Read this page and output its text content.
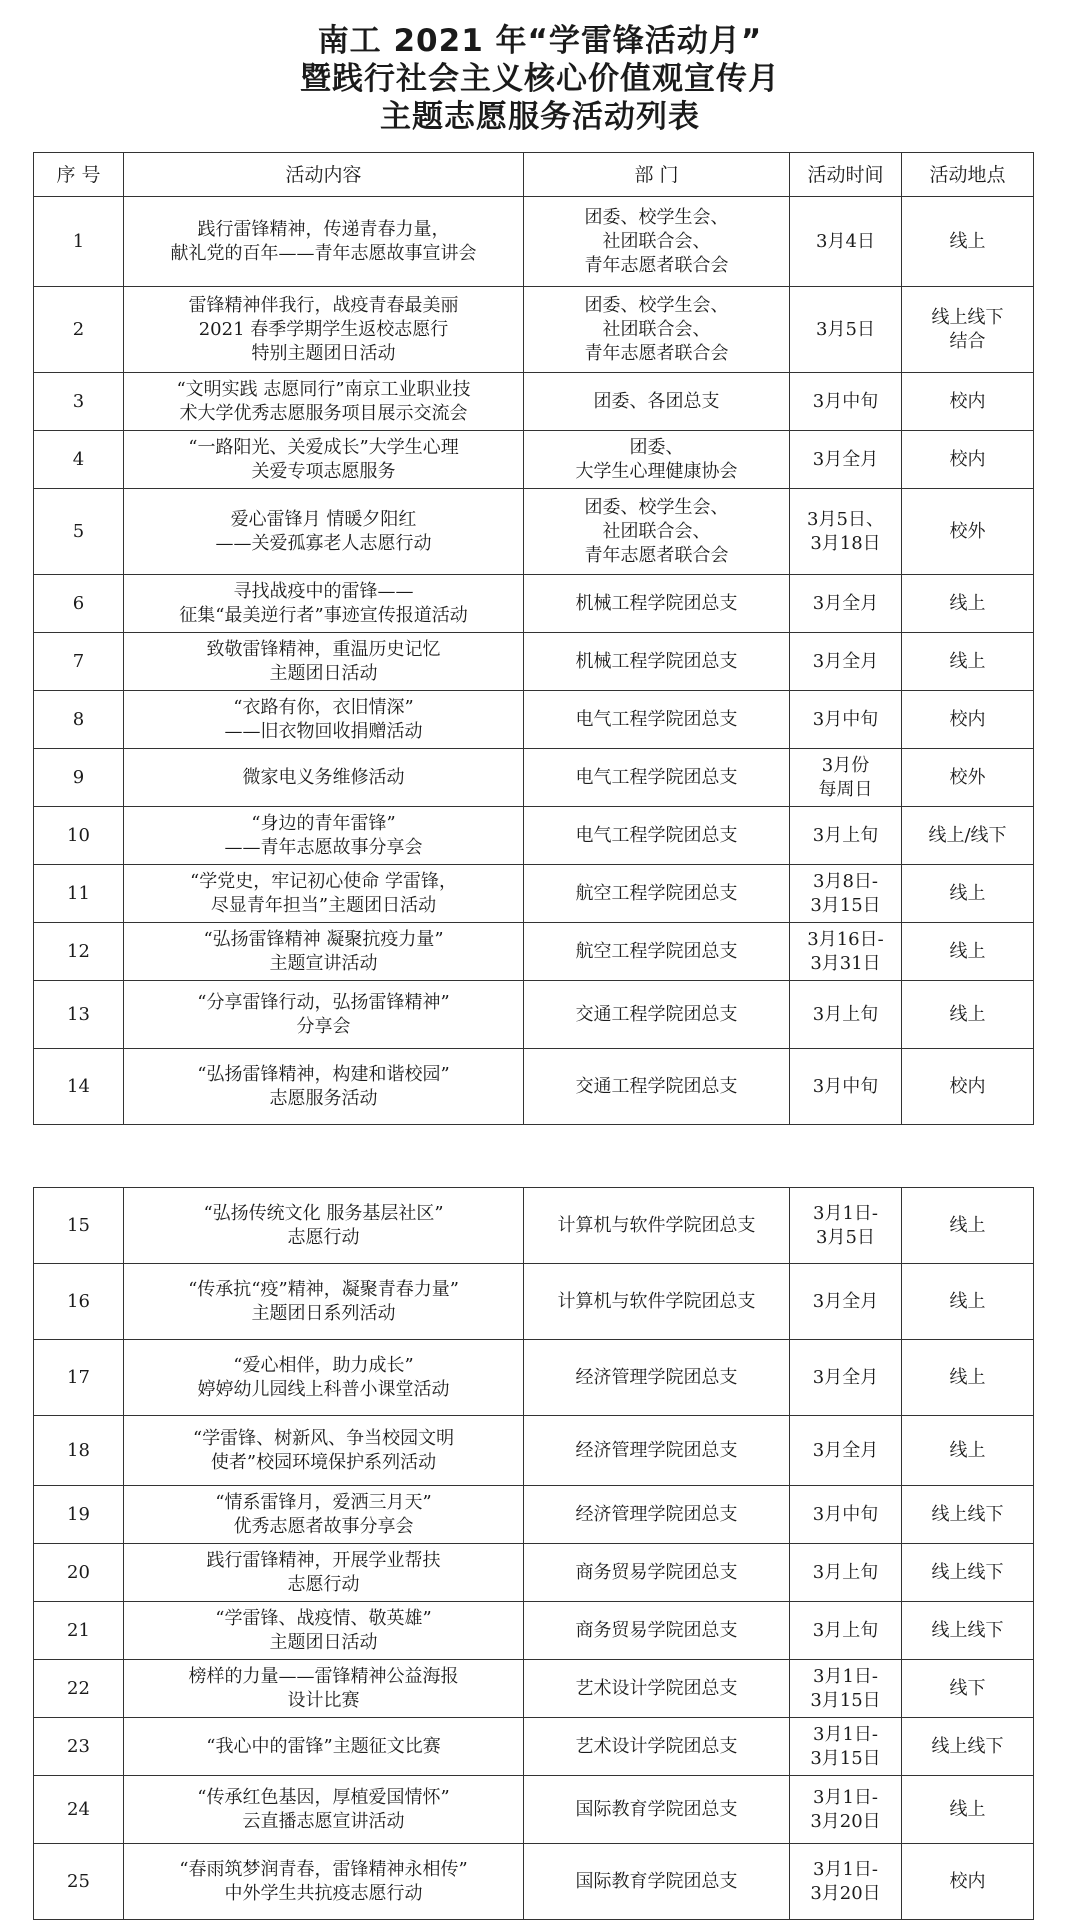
南工 2021 年“学雷锋活动月”
暨践行社会主义核心价值观宣传月
主题志愿服务活动列表
序 号	活动内容	部 门	活动时间	活动地点
1	践行雷锋精神，传递青春力量，
献礼党的百年——青年志愿故事宣讲会	团委、校学生会、
社团联合会、
青年志愿者联合会	3月4日	线上
2	雷锋精神伴我行，战疫青春最美丽
2021 春季学期学生返校志愿行
特别主题团日活动	团委、校学生会、
社团联合会、
青年志愿者联合会	3月5日	线上线下
结合
3	“文明实践 志愿同行”南京工业职业技
术大学优秀志愿服务项目展示交流会	团委、各团总支	3月中旬	校内
4	“一路阳光、关爱成长”大学生心理
关爱专项志愿服务	团委、
大学生心理健康协会	3月全月	校内
5	爱心雷锋月 情暖夕阳红
——关爱孤寡老人志愿行动	团委、校学生会、
社团联合会、
青年志愿者联合会	3月5日、
3月18日	校外
6	寻找战疫中的雷锋——
征集“最美逆行者”事迹宣传报道活动	机械工程学院团总支	3月全月	线上
7	致敬雷锋精神，重温历史记忆
主题团日活动	机械工程学院团总支	3月全月	线上
8	“衣路有你，衣旧情深”
——旧衣物回收捐赠活动	电气工程学院团总支	3月中旬	校内
9	微家电义务维修活动	电气工程学院团总支	3月份
每周日	校外
10	“身边的青年雷锋”
——青年志愿故事分享会	电气工程学院团总支	3月上旬	线上/线下
11	“学党史，牢记初心使命 学雷锋，
尽显青年担当”主题团日活动	航空工程学院团总支	3月8日-
3月15日	线上
12	“弘扬雷锋精神 凝聚抗疫力量”
主题宣讲活动	航空工程学院团总支	3月16日-
3月31日	线上
13	“分享雷锋行动，弘扬雷锋精神”
分享会	交通工程学院团总支	3月上旬	线上
14	“弘扬雷锋精神，构建和谐校园”
志愿服务活动	交通工程学院团总支	3月中旬	校内
15	“弘扬传统文化 服务基层社区”
志愿行动	计算机与软件学院团总支	3月1日-
3月5日	线上
16	“传承抗“疫”精神，凝聚青春力量”
主题团日系列活动	计算机与软件学院团总支	3月全月	线上
17	“爱心相伴，助力成长”
婷婷幼儿园线上科普小课堂活动	经济管理学院团总支	3月全月	线上
18	“学雷锋、树新风、争当校园文明
使者”校园环境保护系列活动	经济管理学院团总支	3月全月	线上
19	“情系雷锋月，爱洒三月天”
优秀志愿者故事分享会	经济管理学院团总支	3月中旬	线上线下
20	践行雷锋精神，开展学业帮扶
志愿行动	商务贸易学院团总支	3月上旬	线上线下
21	“学雷锋、战疫情、敬英雄”
主题团日活动	商务贸易学院团总支	3月上旬	线上线下
22	榜样的力量——雷锋精神公益海报
设计比赛	艺术设计学院团总支	3月1日-
3月15日	线下
23	“我心中的雷锋”主题征文比赛	艺术设计学院团总支	3月1日-
3月15日	线上线下
24	“传承红色基因，厚植爱国情怀”
云直播志愿宣讲活动	国际教育学院团总支	3月1日-
3月20日	线上
25	“春雨筑梦润青春，雷锋精神永相传”
中外学生共抗疫志愿行动	国际教育学院团总支	3月1日-
3月20日	校内
